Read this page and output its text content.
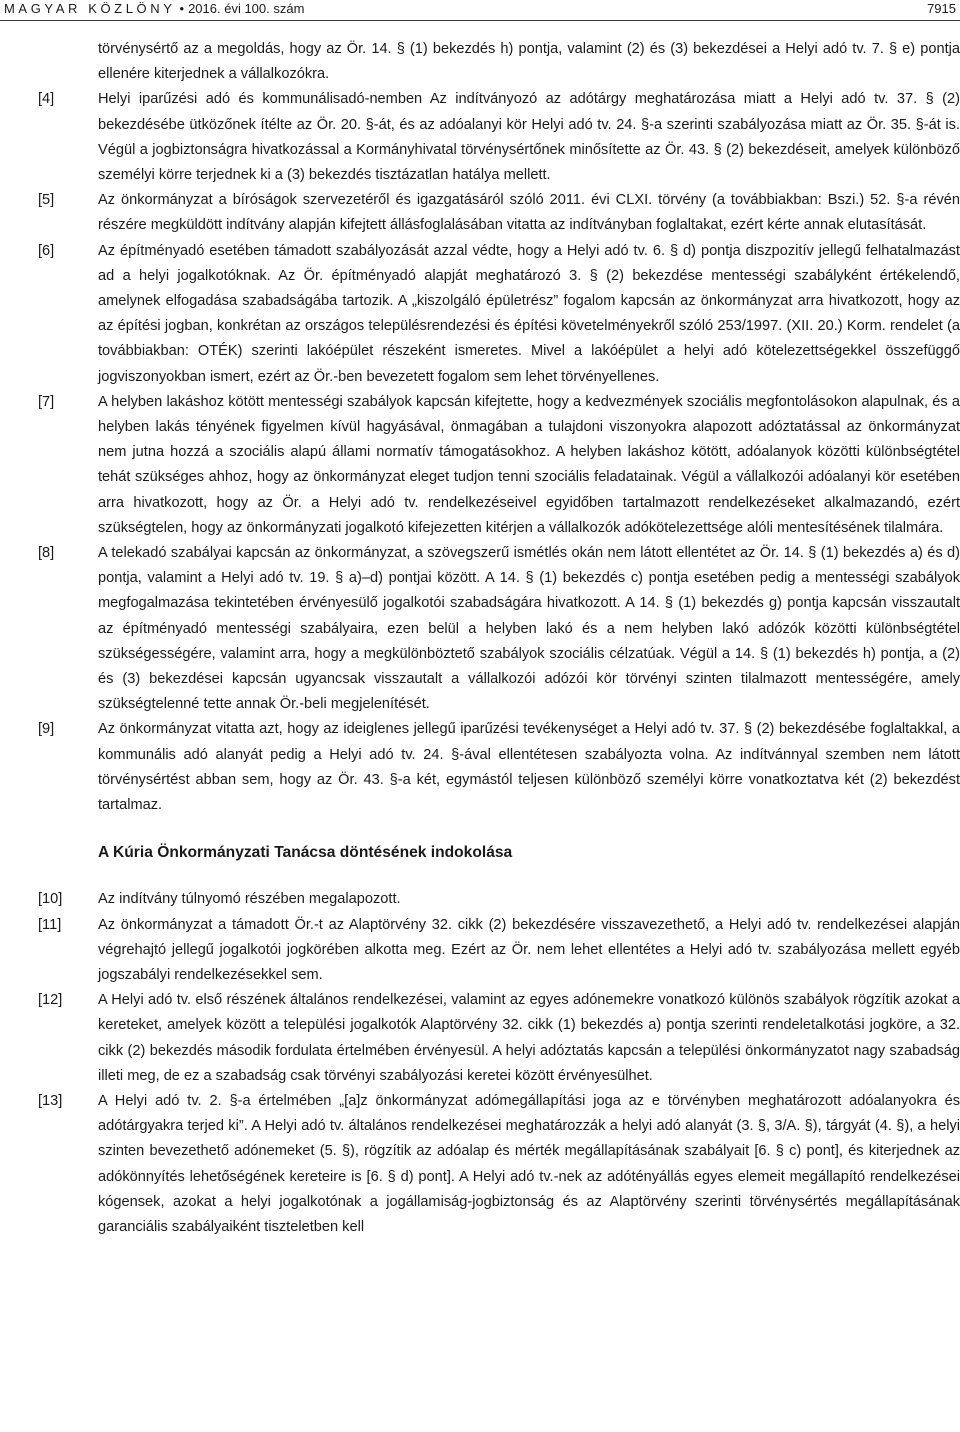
MAGYAR KÖZLÖNY • 2016. évi 100. szám	7915
törvénysértő az a megoldás, hogy az Ör. 14. § (1) bekezdés h) pontja, valamint (2) és (3) bekezdései a Helyi adó tv. 7. § e) pontja ellenére kiterjednek a vállalkozókra.
[4]	Helyi iparűzési adó és kommunálisadó-nemben Az indítványozó az adótárgy meghatározása miatt a Helyi adó tv. 37. § (2) bekezdésébe ütközőnek ítélte az Ör. 20. §-át, és az adóalanyi kör Helyi adó tv. 24. §-a szerinti szabályozása miatt az Ör. 35. §-át is. Végül a jogbiztonságra hivatkozással a Kormányhivatal törvénysértőnek minősítette az Ör. 43. § (2) bekezdéseit, amelyek különböző személyi körre terjednek ki a (3) bekezdés tisztázatlan hatálya mellett.
[5]	Az önkormányzat a bíróságok szervezetéről és igazgatásáról szóló 2011. évi CLXI. törvény (a továbbiakban: Bszi.) 52. §-a révén részére megküldött indítvány alapján kifejtett állásfoglalásában vitatta az indítványban foglaltakat, ezért kérte annak elutasítását.
[6]	Az építményadó esetében támadott szabályozását azzal védte, hogy a Helyi adó tv. 6. § d) pontja diszpozitív jellegű felhatalmazást ad a helyi jogalkotóknak. Az Ör. építményadó alapját meghatározó 3. § (2) bekezdése mentességi szabályként értékelendő, amelynek elfogadása szabadságába tartozik. A „kiszolgáló épületrész” fogalom kapcsán az önkormányzat arra hivatkozott, hogy az az építési jogban, konkrétan az országos településrendezési és építési követelményekről szóló 253/1997. (XII. 20.) Korm. rendelet (a továbbiakban: OTÉK) szerinti lakóépület részeként ismeretes. Mivel a lakóépület a helyi adó kötelezettségekkel összefüggő jogviszonyokban ismert, ezért az Ör.-ben bevezetett fogalom sem lehet törvényellenes.
[7]	A helyben lakáshoz kötött mentességi szabályok kapcsán kifejtette, hogy a kedvezmények szociális megfontolásokon alapulnak, és a helyben lakás tényének figyelmen kívül hagyásával, önmagában a tulajdoni viszonyokra alapozott adóztatással az önkormányzat nem jutna hozzá a szociális alapú állami normatív támogatásokhoz. A helyben lakáshoz kötött, adóalanyok közötti különbségtétel tehát szükséges ahhoz, hogy az önkormányzat eleget tudjon tenni szociális feladatainak. Végül a vállalkozói adóalanyi kör esetében arra hivatkozott, hogy az Ör. a Helyi adó tv. rendelkezéseivel egyidőben tartalmazott rendelkezéseket alkalmazandó, ezért szükségtelen, hogy az önkormányzati jogalkotó kifejezetten kitérjen a vállalkozók adókötelezettsége alóli mentesítésének tilalmára.
[8]	A telekadó szabályai kapcsán az önkormányzat, a szövegszerű ismétlés okán nem látott ellentétet az Ör. 14. § (1) bekezdés a) és d) pontja, valamint a Helyi adó tv. 19. § a)–d) pontjai között. A 14. § (1) bekezdés c) pontja esetében pedig a mentességi szabályok megfogalmazása tekintetében érvényesülő jogalkotói szabadságára hivatkozott. A 14. § (1) bekezdés g) pontja kapcsán visszautalt az építményadó mentességi szabályaira, ezen belül a helyben lakó és a nem helyben lakó adózók közötti különbségtétel szükségességére, valamint arra, hogy a megkülönböztető szabályok szociális célzatúak. Végül a 14. § (1) bekezdés h) pontja, a (2) és (3) bekezdései kapcsán ugyancsak visszautalt a vállalkozói adózói kör törvényi szinten tilalmazott mentességére, amely szükségtelenné tette annak Ör.-beli megjelenítését.
[9]	Az önkormányzat vitatta azt, hogy az ideiglenes jellegű iparűzési tevékenységet a Helyi adó tv. 37. § (2) bekezdésébe foglaltakkal, a kommunális adó alanyát pedig a Helyi adó tv. 24. §-ával ellentétesen szabályozta volna. Az indítvánnyal szemben nem látott törvénysértést abban sem, hogy az Ör. 43. §-a két, egymástól teljesen különböző személyi körre vonatkoztatva két (2) bekezdést tartalmaz.
A Kúria Önkormányzati Tanácsa döntésének indokolása
[10] Az indítvány túlnyomó részében megalapozott.
[11]	Az önkormányzat a támadott Ör.-t az Alaptörvény 32. cikk (2) bekezdésére visszavezethető, a Helyi adó tv. rendelkezései alapján végrehajtó jellegű jogalkotói jogkörében alkotta meg. Ezért az Ör. nem lehet ellentétes a Helyi adó tv. szabályozása mellett egyéb jogszabályi rendelkezésekkel sem.
[12] A Helyi adó tv. első részének általános rendelkezései, valamint az egyes adónemekre vonatkozó különös szabályok rögzítik azokat a kereteket, amelyek között a települési jogalkotók Alaptörvény 32. cikk (1) bekezdés a) pontja szerinti rendeletalkotási jogköre, a 32. cikk (2) bekezdés második fordulata értelmében érvényesül. A helyi adóztatás kapcsán a települési önkormányzatot nagy szabadság illeti meg, de ez a szabadság csak törvényi szabályozási keretei között érvényesülhet.
[13] A Helyi adó tv. 2. §-a értelmében „[a]z önkormányzat adómegállapítási joga az e törvényben meghatározott adóalanyokra és adótárgyakra terjed ki”. A Helyi adó tv. általános rendelkezései meghatározzák a helyi adó alanyát (3. §, 3/A. §), tárgyát (4. §), a helyi szinten bevezethető adónemeket (5. §), rögzítik az adóalap és mérték megállapításának szabályait [6. § c) pont], és kiterjednek az adókönnyítés lehetőségének kereteire is [6. § d) pont]. A Helyi adó tv.-nek az adótényállás egyes elemeit megállapító rendelkezései kógensek, azokat a helyi jogalkotónak a jogállamiság-jogbiztonság és az Alaptörvény szerinti törvénysértés megállapításának garanciális szabályaiként tiszteletben kell
